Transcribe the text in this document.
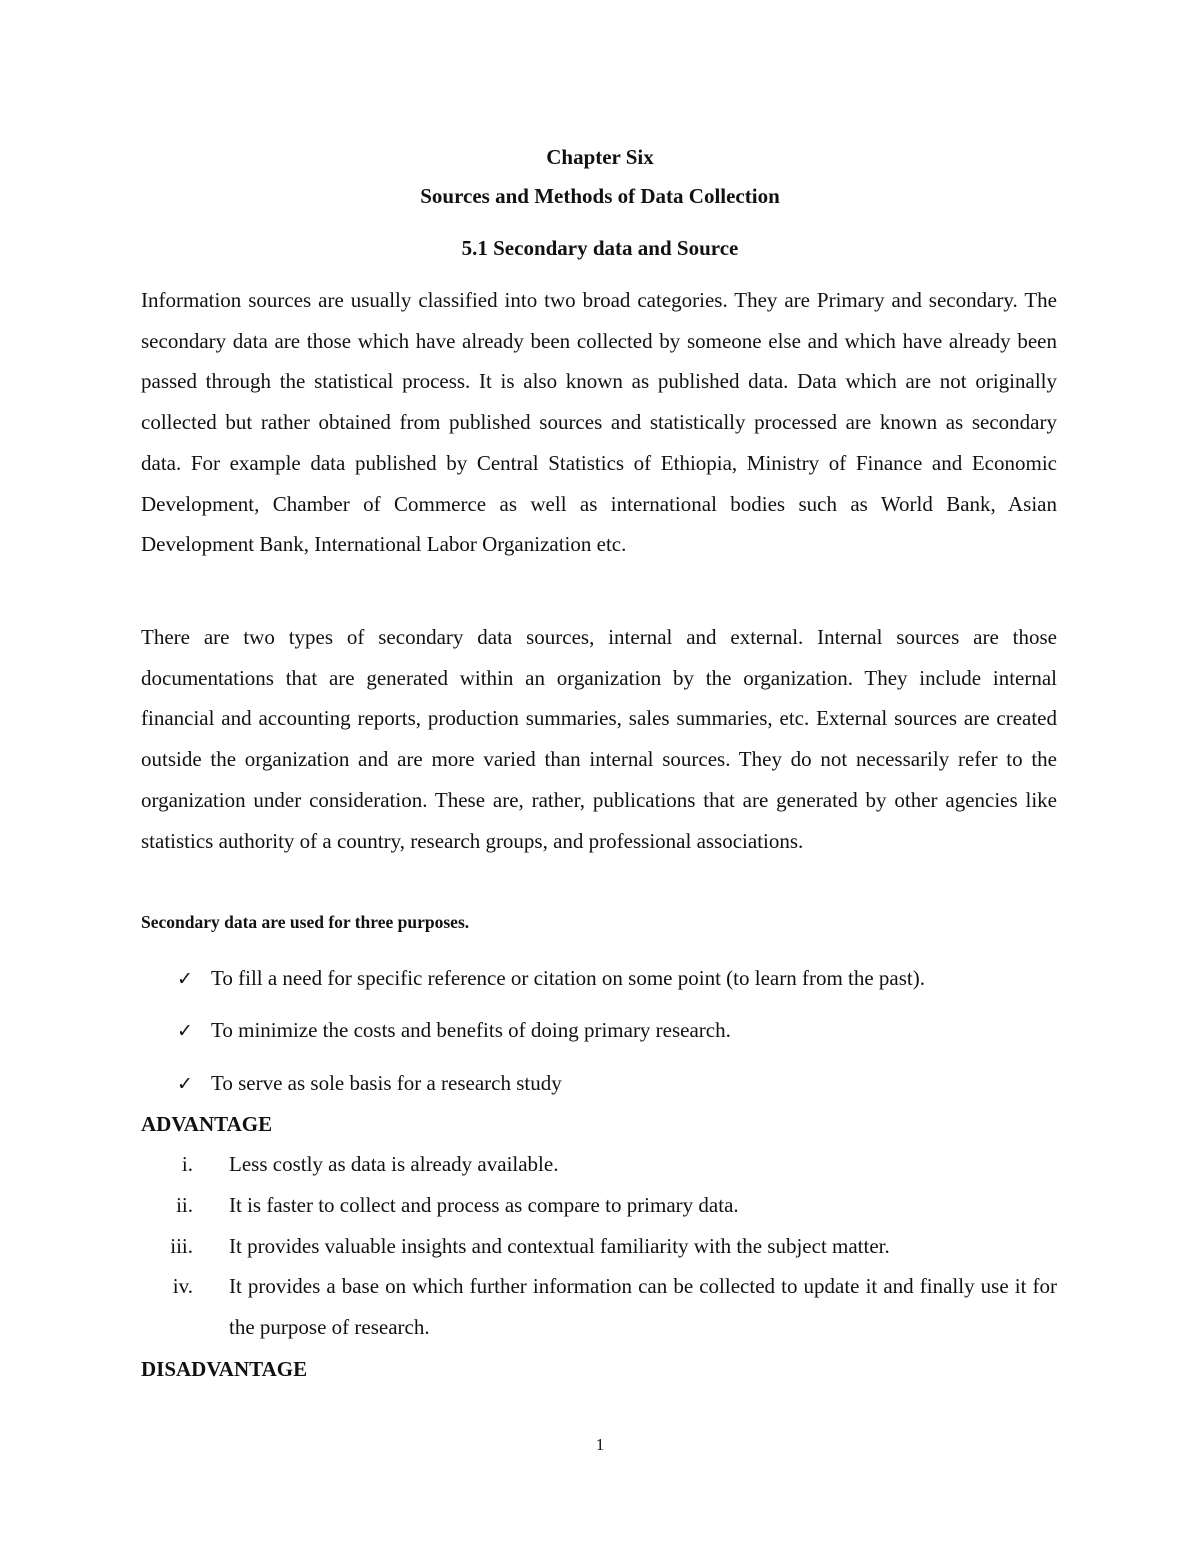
Chapter Six
Sources and Methods of Data Collection
5.1 Secondary data and Source

Information sources are usually classified into two broad categories. They are Primary and secondary. The secondary data are those which have already been collected by someone else and which have already been passed through the statistical process. It is also known as published data. Data which are not originally collected but rather obtained from published sources and statistically processed are known as secondary data. For example data published by Central Statistics of Ethiopia, Ministry of Finance and Economic Development, Chamber of Commerce as well as international bodies such as World Bank, Asian Development Bank, International Labor Organization etc.

There are two types of secondary data sources, internal and external. Internal sources are those documentations that are generated within an organization by the organization. They include internal financial and accounting reports, production summaries, sales summaries, etc. External sources are created outside the organization and are more varied than internal sources. They do not necessarily refer to the organization under consideration. These are, rather, publications that are generated by other agencies like statistics authority of a country, research groups, and professional associations.

Secondary data are used for three purposes.
✓ To fill a need for specific reference or citation on some point (to learn from the past).
✓ To minimize the costs and benefits of doing primary research.
✓ To serve as sole basis for a research study
ADVANTAGE
i. Less costly as data is already available.
ii. It is faster to collect and process as compare to primary data.
iii. It provides valuable insights and contextual familiarity with the subject matter.
iv. It provides a base on which further information can be collected to update it and finally use it for the purpose of research.
DISADVANTAGE
1
